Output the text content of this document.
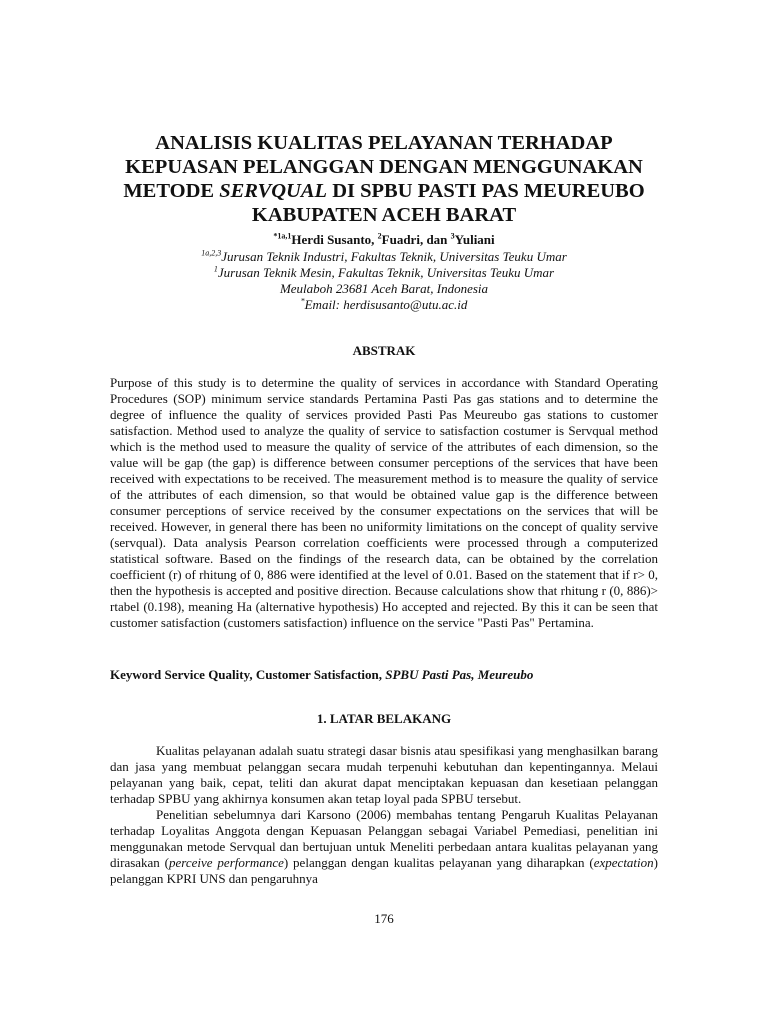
ANALISIS KUALITAS PELAYANAN TERHADAP
KEPUASAN PELANGGAN DENGAN MENGGUNAKAN
METODE SERVQUAL DI SPBU PASTI PAS MEUREUBO
KABUPATEN ACEH BARAT
$^{*1a,1}$Herdi Susanto, $^2$Fuadri, dan $^3$Yuliani
$^{1a,2,3}$Jurusan Teknik Industri, Fakultas Teknik, Universitas Teuku Umar
$^1$Jurusan Teknik Mesin, Fakultas Teknik, Universitas Teuku Umar
Meulaboh 23681 Aceh Barat, Indonesia
*Email: herdisusanto@utu.ac.id
ABSTRAK

Purpose of this study is to determine the quality of services in accordance with Standard Operating Procedures (SOP) minimum service standards Pertamina Pasti Pas gas stations and to determine the degree of influence the quality of services provided Pasti Pas Meureubo gas stations to customer satisfaction. Method used to analyze the quality of service to satisfaction costumer is Servqual method which is the method used to measure the quality of service of the attributes of each dimension, so the value will be gap (the gap) is difference between consumer perceptions of the services that have been received with expectations to be received. The measurement method is to measure the quality of service of the attributes of each dimension, so that would be obtained value gap is the difference between consumer perceptions of service received by the consumer expectations on the services that will be received. However, in general there has been no uniformity limitations on the concept of quality servive (servqual). Data analysis Pearson correlation coefficients were processed through a computerized statistical software. Based on the findings of the research data, can be obtained by the correlation coefficient (r) of rhitung of 0, 886 were identified at the level of 0.01. Based on the statement that if r> 0, then the hypothesis is accepted and positive direction. Because calculations show that rhitung r (0, 886)> rtabel (0.198), meaning Ha (alternative hypothesis) Ho accepted and rejected. By this it can be seen that customer satisfaction (customers satisfaction) influence on the service "Pasti Pas" Pertamina.

Keyword Service Quality, Customer Satisfaction, SPBU Pasti Pas, Meureubo
1. LATAR BELAKANG

Kualitas pelayanan adalah suatu strategi dasar bisnis atau spesifikasi yang menghasilkan barang dan jasa yang membuat pelanggan secara mudah terpenuhi kebutuhan dan kepentingannya. Melaui pelayanan yang baik, cepat, teliti dan akurat dapat menciptakan kepuasan dan kesetiaan pelanggan terhadap SPBU yang akhirnya konsumen akan tetap loyal pada SPBU tersebut.

Penelitian sebelumnya dari Karsono (2006) membahas tentang Pengaruh Kualitas Pelayanan terhadap Loyalitas Anggota dengan Kepuasan Pelanggan sebagai Variabel Pemediasi, penelitian ini menggunakan metode Servqual dan bertujuan untuk Meneliti perbedaan antara kualitas pelayanan yang dirasakan (perceive performance) pelanggan dengan kualitas pelayanan yang diharapkan (expectation) pelanggan KPRI UNS dan pengaruhnya

176
